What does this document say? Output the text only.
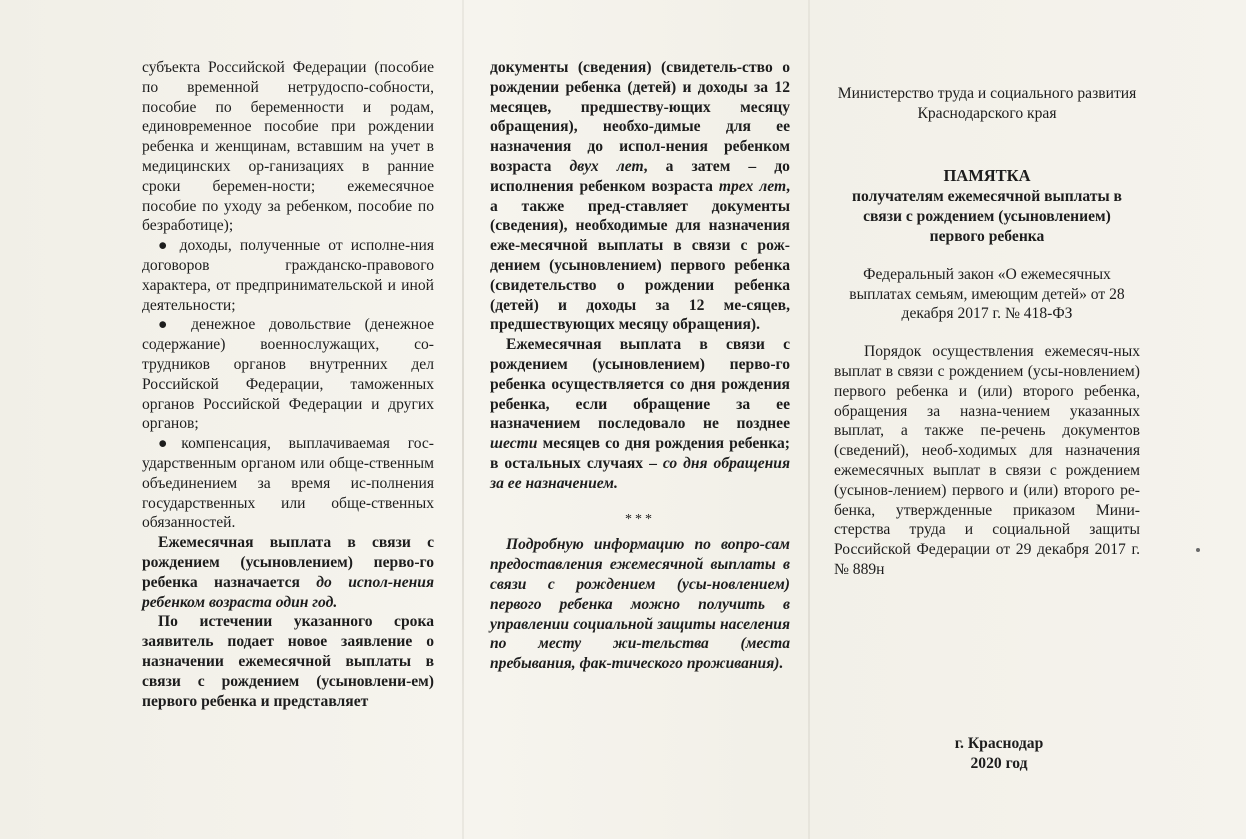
субъекта Российской Федерации (пособие по временной нетрудоспо-собности, пособие по беременности и родам, единовременное пособие при рождении ребенка и женщинам, вставшим на учет в медицинских ор-ганизациях в ранние сроки беремен-ности; ежемесячное пособие по уходу за ребенком, пособие по безработице);

● доходы, полученные от исполне-ния договоров гражданско-правового характера, от предпринимательской и иной деятельности;

● денежное довольствие (денежное содержание) военнослужащих, со-трудников органов внутренних дел Российской Федерации, таможенных органов Российской Федерации и других органов;

●компенсация, выплачиваемая гос-ударственным органом или обще-ственным объединением за время ис-полнения государственных или обще-ственных обязанностей.

Ежемесячная выплата в связи с рождением (усыновлением) перво-го ребенка назначается до испол-нения ребенком возраста один год.

По истечении указанного срока заявитель подает новое заявление о назначении ежемесячной выплаты в связи с рождением (усыновлени-ем) первого ребенка и представляет

документы (сведения) (свидетель-ство о рождении ребенка (детей) и доходы за 12 месяцев, предшеству-ющих месяцу обращения), необхо-димые для ее назначения до испол-нения ребенком возраста двух лет, а затем – до исполнения ребенком возраста трех лет, а также пред-ставляет документы (сведения), необходимые для назначения еже-месячной выплаты в связи с рож-дением (усыновлением) первого ребенка (свидетельство о рождении ребенка (детей) и доходы за 12 ме-сяцев, предшествующих месяцу обращения).

Ежемесячная выплата в связи с рождением (усыновлением) перво-го ребенка осуществляется со дня рождения ребенка, если обращение за ее назначением последовало не позднее шести месяцев со дня рождения ребенка; в остальных случаях – со дня обращения за ее назначением.

***

Подробную информацию по вопро-сам предоставления ежемесячной выплаты в связи с рождением (усы-новлением) первого ребенка можно получить в управлении социальной защиты населения по месту жи-тельства (места пребывания, фак-тического проживания).

Министерство труда и социального развития Краснодарского края
ПАМЯТКА
получателям ежемесячной выплаты в связи с рождением (усыновлением) первого ребенка
Федеральный закон «О ежемесячных выплатах семьям, имеющим детей» от 28 декабря 2017 г. № 418-ФЗ

Порядок осуществления ежемесяч-ных выплат в связи с рождением (усы-новлением) первого ребенка и (или) второго ребенка, обращения за назна-чением указанных выплат, а также пе-речень документов (сведений), необ-ходимых для назначения ежемесячных выплат в связи с рождением (усынов-лением) первого и (или) второго ре-бенка, утвержденные приказом Мини-стерства труда и социальной защиты Российской Федерации от 29 декабря 2017 г. № 889н

г. Краснодар
2020 год
